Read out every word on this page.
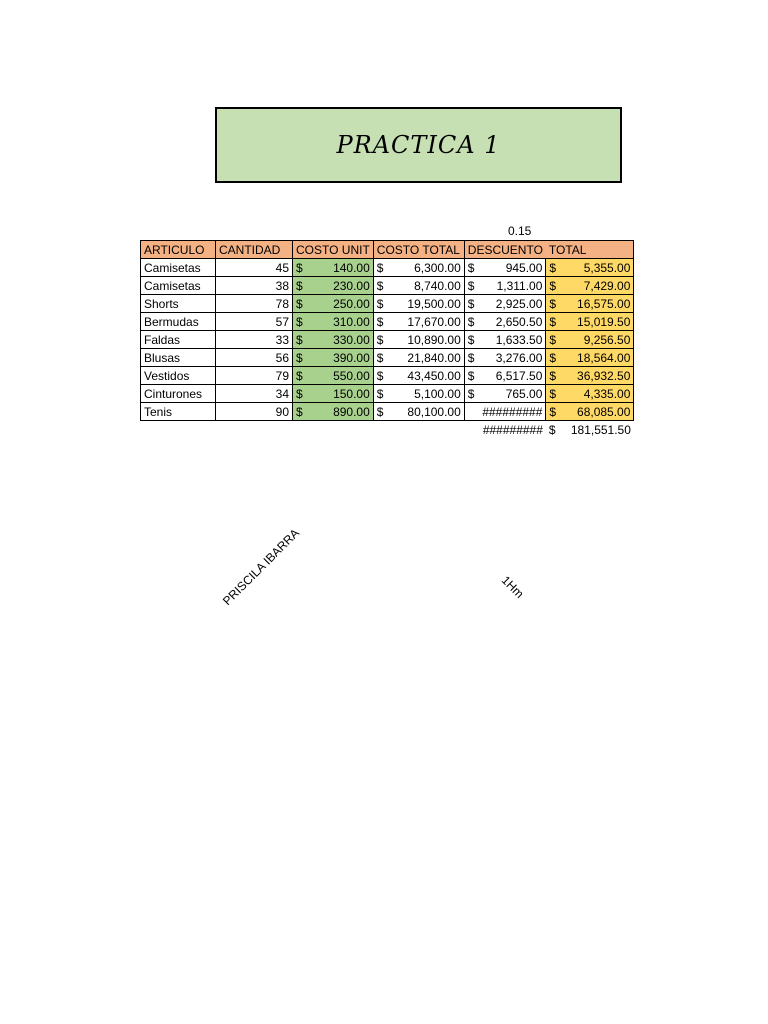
PRACTICA 1
0.15
ARTICULO	CANTIDAD	COSTO UNIT	COSTO TOTAL	DESCUENTO	TOTAL
Camisetas	45	$ 140.00	$ 6,300.00	$ 945.00	$ 5,355.00

Camisetas	38	$ 230.00	$ 8,740.00	$ 1,311.00	$ 7,429.00

Shorts	78	$ 250.00	$ 19,500.00	$ 2,925.00	$ 16,575.00

Bermudas	57	$ 310.00	$ 17,670.00	$ 2,650.50	$ 15,019.50

Faldas	33	$ 330.00	$ 10,890.00	$ 1,633.50	$ 9,256.50

Blusas	56	$ 390.00	$ 21,840.00	$ 3,276.00	$ 18,564.00

Vestidos	79	$ 550.00	$ 43,450.00	$ 6,517.50	$ 36,932.50

Cinturones	34	$ 150.00	$ 5,100.00	$ 765.00	$ 4,335.00

Tenis	90	$ 890.00	$ 80,100.00	#########	$ 68,085.00

				#########	$ 181,551.50
PRISCILA IBARRA	1Hm
